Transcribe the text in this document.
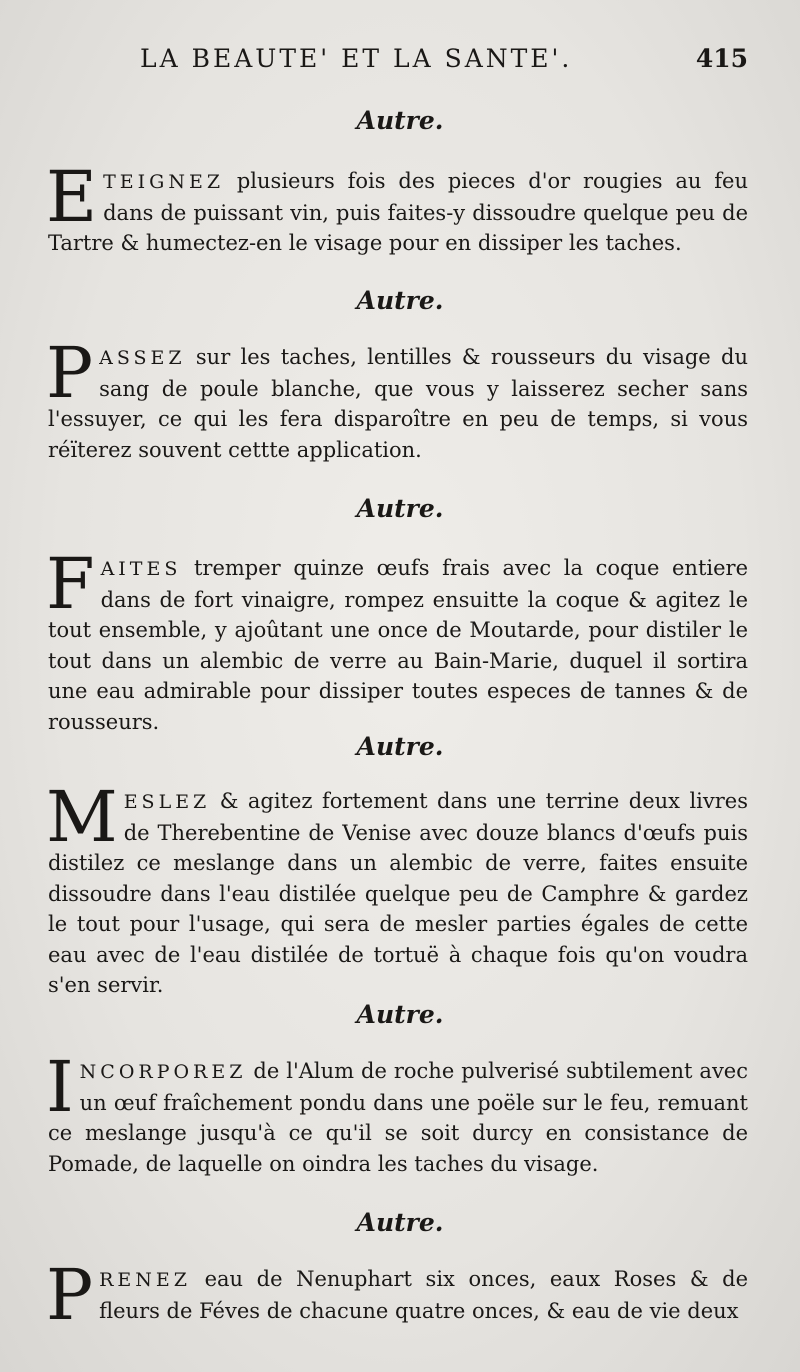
LA BEAUTE' ET LA SANTE'.	415
Autre.
ETEIGNEZ plusieurs fois des pieces d'or rougies au feu dans de puissant vin, puis faites-y dissoudre quelque peu de Tartre & humectez-en le visage pour en dissiper les taches.
Autre.
PASSEZ sur les taches, lentilles & rousseurs du visage du sang de poule blanche, que vous y laisserez secher sans l'essuyer, ce qui les fera disparoître en peu de temps, si vous réïterez souvent cettte application.
Autre.
FAITES tremper quinze œufs frais avec la coque entiere dans de fort vinaigre, rompez ensuitte la coque & agitez le tout ensemble, y ajoûtant une once de Moutarde, pour distiler le tout dans un alembic de verre au Bain-Marie, duquel il sortira une eau admirable pour dissiper toutes especes de tannes & de rousseurs.
Autre.
MESLEZ & agitez fortement dans une terrine deux livres de Therebentine de Venise avec douze blancs d'œufs puis distilez ce meslange dans un alembic de verre, faites ensuite dissoudre dans l'eau distilée quelque peu de Camphre & gardez le tout pour l'usage, qui sera de mesler parties égales de cette eau avec de l'eau distilée de tortuë à chaque fois qu'on voudra s'en servir.
Autre.
INCORPOREZ de l'Alum de roche pulverisé subtilement avec un œuf fraîchement pondu dans une poële sur le feu, remuant ce meslange jusqu'à ce qu'il se soit durcy en consistance de Pomade, de laquelle on oindra les taches du visage.
Autre.
PRENEZ eau de Nenuphart six onces, eaux Roses & de fleurs de Féves de chacune quatre onces, & eau de vie deux
